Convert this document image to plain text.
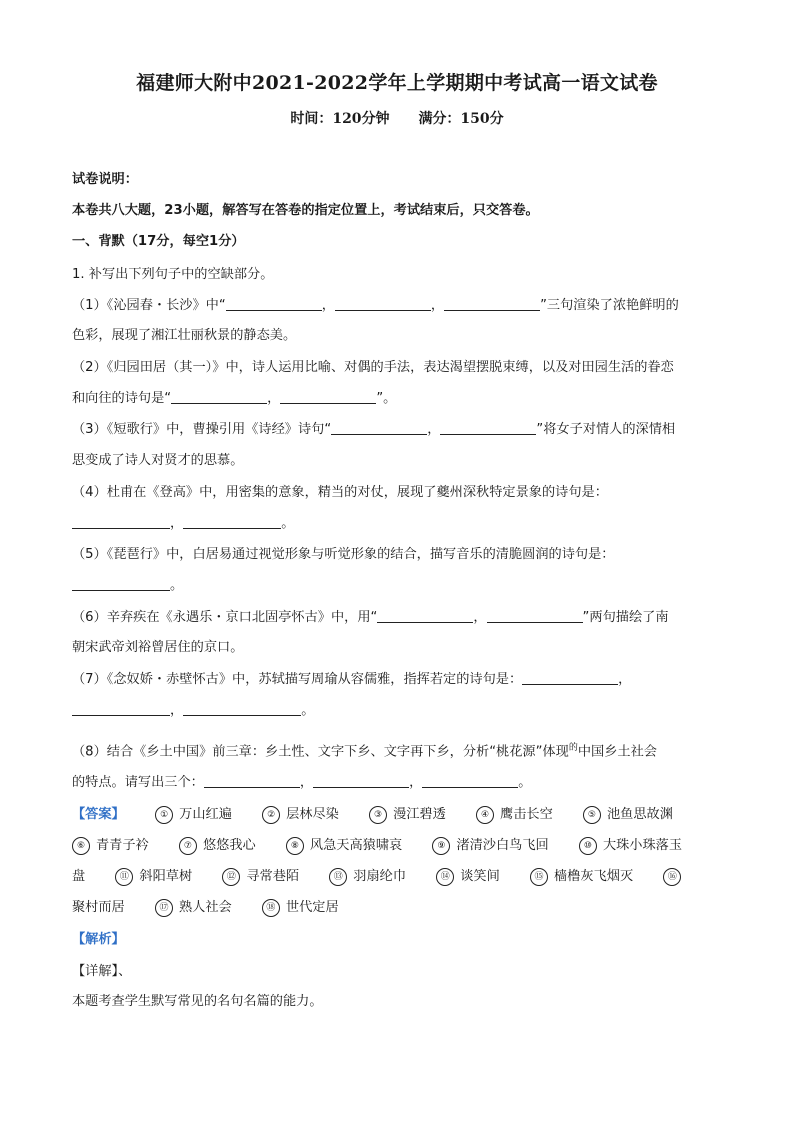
福建师大附中2021-2022学年上学期期中考试高一语文试卷
时间：120分钟 满分：150分
试卷说明：
本卷共八大题，23小题，解答写在答卷的指定位置上，考试结束后，只交答卷。
一、背默（17分，每空1分）
1. 补写出下列句子中的空缺部分。
（1）《沁园春・长沙》中“	，	，	”三句渲染了浓艳鲜明的
色彩，展现了湘江壮丽秋景的静态美。
（2）《归园田居（其一）》中，诗人运用比喻、对偶的手法，表达渴望摆脱束缚，以及对田园生活的眷恋
和向往的诗句是“	，	”。
（3）《短歌行》中，曹操引用《诗经》诗句“	，	”将女子对情人的深情相
思变成了诗人对贤才的思慕。
（4）杜甫在《登高》中，用密集的意象，精当的对仗，展现了夔州深秋特定景象的诗句是：
，	。
（5）《琵琶行》中，白居易通过视觉形象与听觉形象的结合，描写音乐的清脆圆润的诗句是：
。
（6）辛弃疾在《永遇乐・京口北固亭怀古》中，用“	，	”两句描绘了南
朝宋武帝刘裕曾居住的京口。
（7）《念奴娇・赤壁怀古》中，苏轼描写周瑜从容儒雅，指挥若定的诗句是：	，
，	。
（8）结合《乡土中国》前三章：乡土性、文字下乡、文字再下乡，分析“桃花源”体现$^的$中国乡土社会
的特点。请写出三个：	，	，	。
【答案】	① 万山红遍	② 层林尽染	③ 漫江碧透	④ 鹰击长空	⑤ 池鱼思故渊
⑥ 青青子衿	⑦ 悠悠我心	⑧ 风急天高猿啸哀	⑨ 渚清沙白鸟飞回	⑩ 大珠小珠落玉
盘	⑪ 斜阳草树	⑫ 寻常巷陌	⑬ 羽扇纶巾	⑭ 谈笑间	⑮ 樯橹灰飞烟灭	⑯
聚村而居	⑰ 熟人社会	⑱ 世代定居
【解析】
【详解】、
本题考查学生默写常见的名句名篇的能力。
